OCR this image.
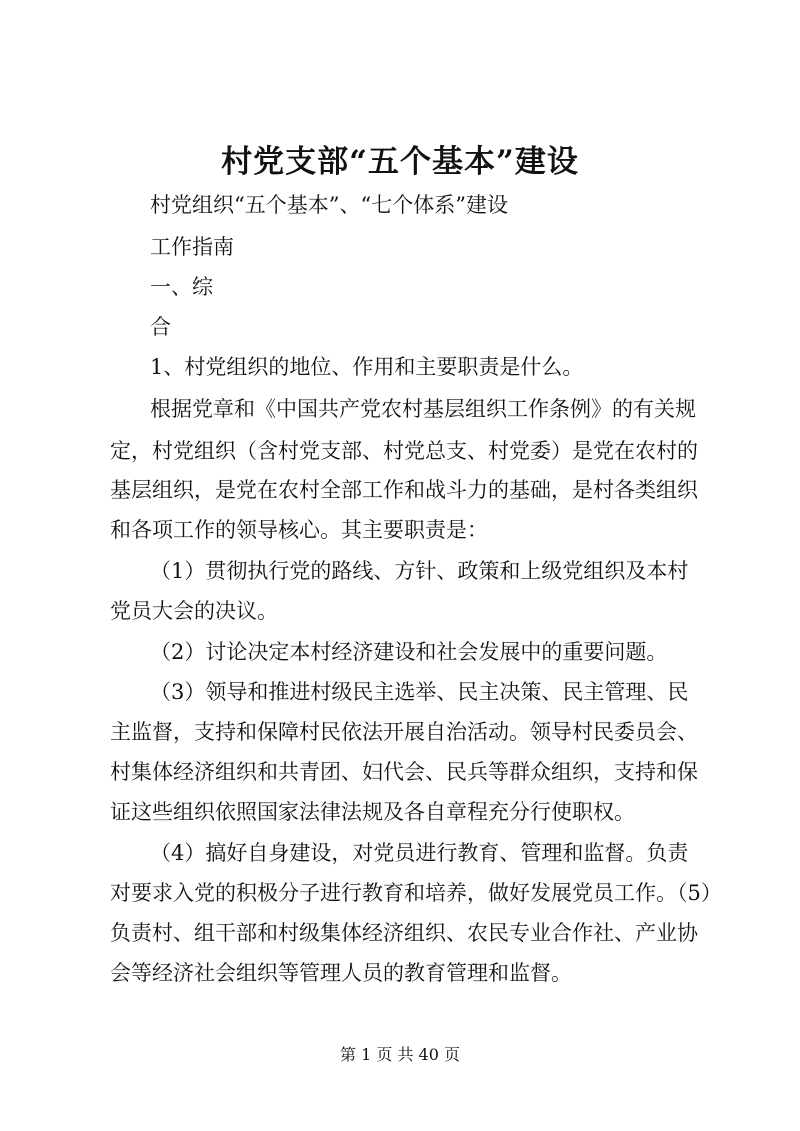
村党支部“五个基本”建设
村党组织“五个基本”、“七个体系”建设
工作指南
一、综
合
1、村党组织的地位、作用和主要职责是什么。
根据党章和《中国共产党农村基层组织工作条例》的有关规
定，村党组织（含村党支部、村党总支、村党委）是党在农村的
基层组织，是党在农村全部工作和战斗力的基础，是村各类组织
和各项工作的领导核心。其主要职责是：
（1）贯彻执行党的路线、方针、政策和上级党组织及本村
党员大会的决议。
（2）讨论决定本村经济建设和社会发展中的重要问题。
（3）领导和推进村级民主选举、民主决策、民主管理、民
主监督，支持和保障村民依法开展自治活动。领导村民委员会、
村集体经济组织和共青团、妇代会、民兵等群众组织，支持和保
证这些组织依照国家法律法规及各自章程充分行使职权。
（4）搞好自身建设，对党员进行教育、管理和监督。负责
对要求入党的积极分子进行教育和培养，做好发展党员工作。（5）
负责村、组干部和村级集体经济组织、农民专业合作社、产业协
会等经济社会组织等管理人员的教育管理和监督。
第 1 页 共 40 页
